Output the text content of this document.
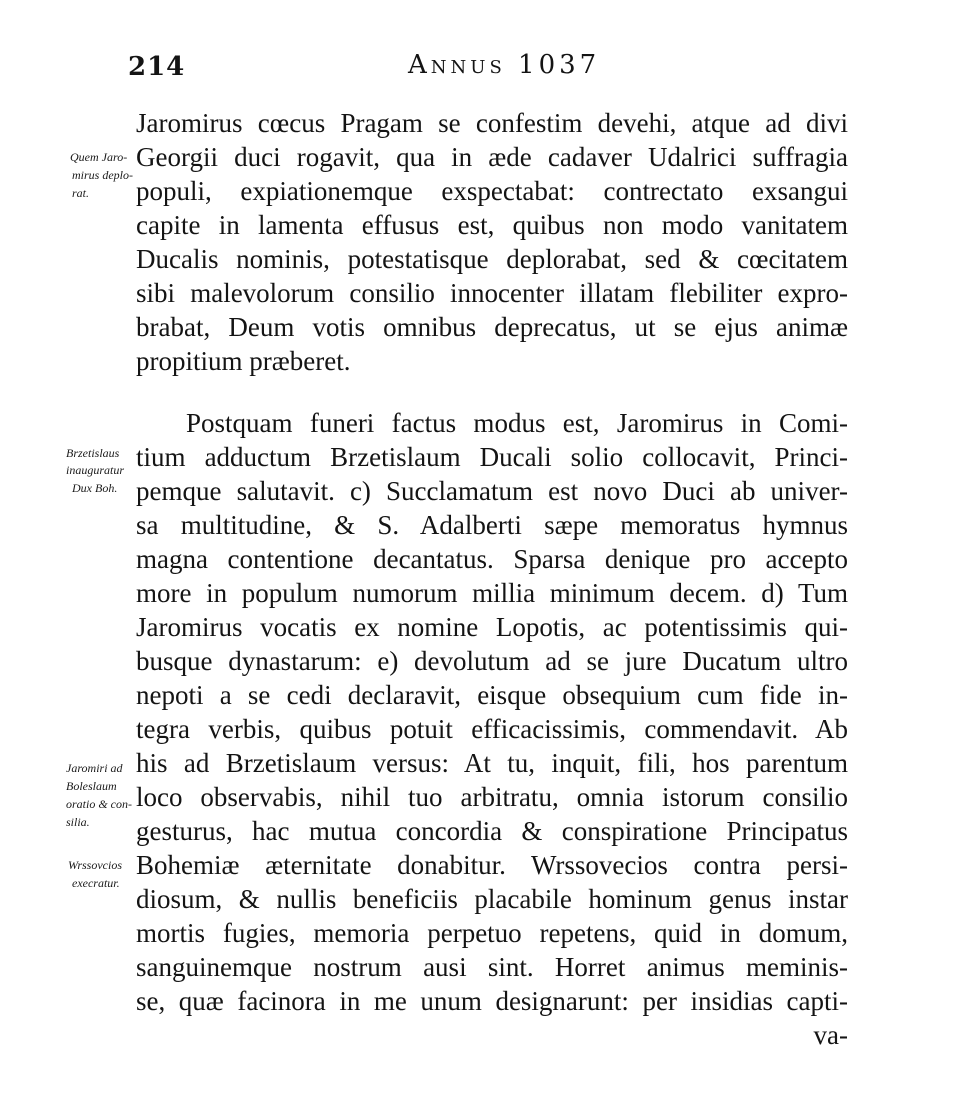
214	Annus 1037
Quem Jaro-
mirus deplo-
rat.
Brzetislaus
inauguratur
Dux Boh.
Jaromiri ad
Boleslaum
oratio & con-
silia.
Wrssovcios
execratur.
Jaromirus cœcus Pragam se confestim devehi, atque ad divi
Georgii duci rogavit, qua in æde cadaver Udalrici suffragia
populi, expiationemque exspectabat: contrectato exsangui
capite in lamenta effusus est, quibus non modo vanitatem
Ducalis nominis, potestatisque deplorabat, sed & cœcitatem
sibi malevolorum consilio innocenter illatam flebiliter expro-
brabat, Deum votis omnibus deprecatus, ut se ejus animæ
propitium præberet.
Postquam funeri factus modus est, Jaromirus in Comi-
tium adductum Brzetislaum Ducali solio collocavit, Princi-
pemque salutavit. c) Succlamatum est novo Duci ab univer-
sa multitudine, & S. Adalberti sæpe memoratus hymnus
magna contentione decantatus. Sparsa denique pro accepto
more in populum numorum millia minimum decem. d) Tum
Jaromirus vocatis ex nomine Lopotis, ac potentissimis qui-
busque dynastarum: e) devolutum ad se jure Ducatum ultro
nepoti a se cedi declaravit, eisque obsequium cum fide in-
tegra verbis, quibus potuit efficacissimis, commendavit. Ab
his ad Brzetislaum versus: At tu, inquit, fili, hos parentum
loco observabis, nihil tuo arbitratu, omnia istorum consilio
gesturus, hac mutua concordia & conspiratione Principatus
Bohemiæ æternitate donabitur. Wrssovecios contra persi-
diosum, & nullis beneficiis placabile hominum genus instar
mortis fugies, memoria perpetuo repetens, quid in domum,
sanguinemque nostrum ausi sint. Horret animus meminis-
se, quæ facinora in me unum designarunt: per insidias capti-
va-
